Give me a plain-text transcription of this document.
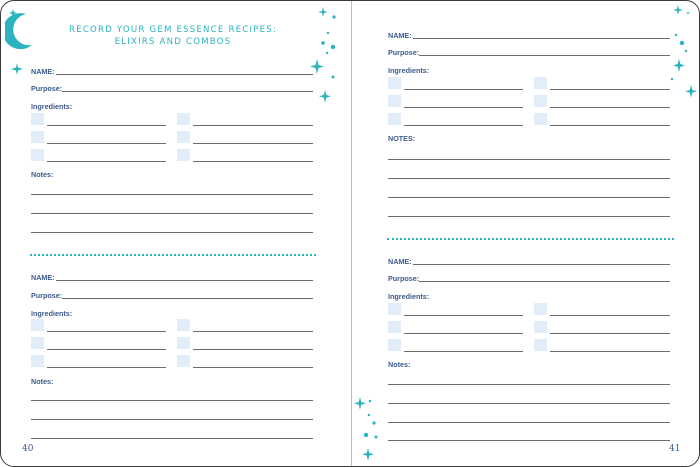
RECORD YOUR GEM ESSENCE RECIPES:
ELIXIRS AND COMBOS
NAME:
Purpose:
Ingredients:
Notes:
NAME:
Purpose:
Ingredients:
Notes:
40
NAME:
Purpose:
Ingredients:
NOTES:
NAME:
Purpose:
Ingredients:
Notes:
41
